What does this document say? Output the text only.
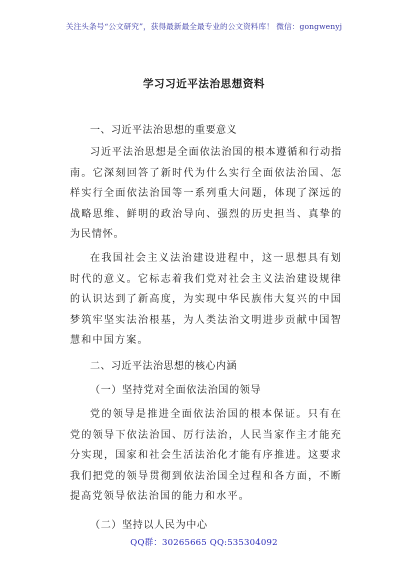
关注头条号“公文研究”，获得最新最全最专业的公文资料库！ 微信：gongwenyj
学习习近平法治思想资料
一、习近平法治思想的重要意义
习近平法治思想是全面依法治国的根本遵循和行动指南。它深刻回答了新时代为什么实行全面依法治国、怎样实行全面依法治国等一系列重大问题，体现了深远的战略思维、鲜明的政治导向、强烈的历史担当、真挚的为民情怀。
在我国社会主义法治建设进程中，这一思想具有划时代的意义。它标志着我们党对社会主义法治建设规律的认识达到了新高度，为实现中华民族伟大复兴的中国梦筑牢坚实法治根基，为人类法治文明进步贡献中国智慧和中国方案。
二、习近平法治思想的核心内涵
（一）坚持党对全面依法治国的领导
党的领导是推进全面依法治国的根本保证。只有在党的领导下依法治国、厉行法治，人民当家作主才能充分实现，国家和社会生活法治化才能有序推进。这要求我们把党的领导贯彻到依法治国全过程和各方面，不断提高党领导依法治国的能力和水平。
（二）坚持以人民为中心
QQ群：30265665 QQ:535304092
